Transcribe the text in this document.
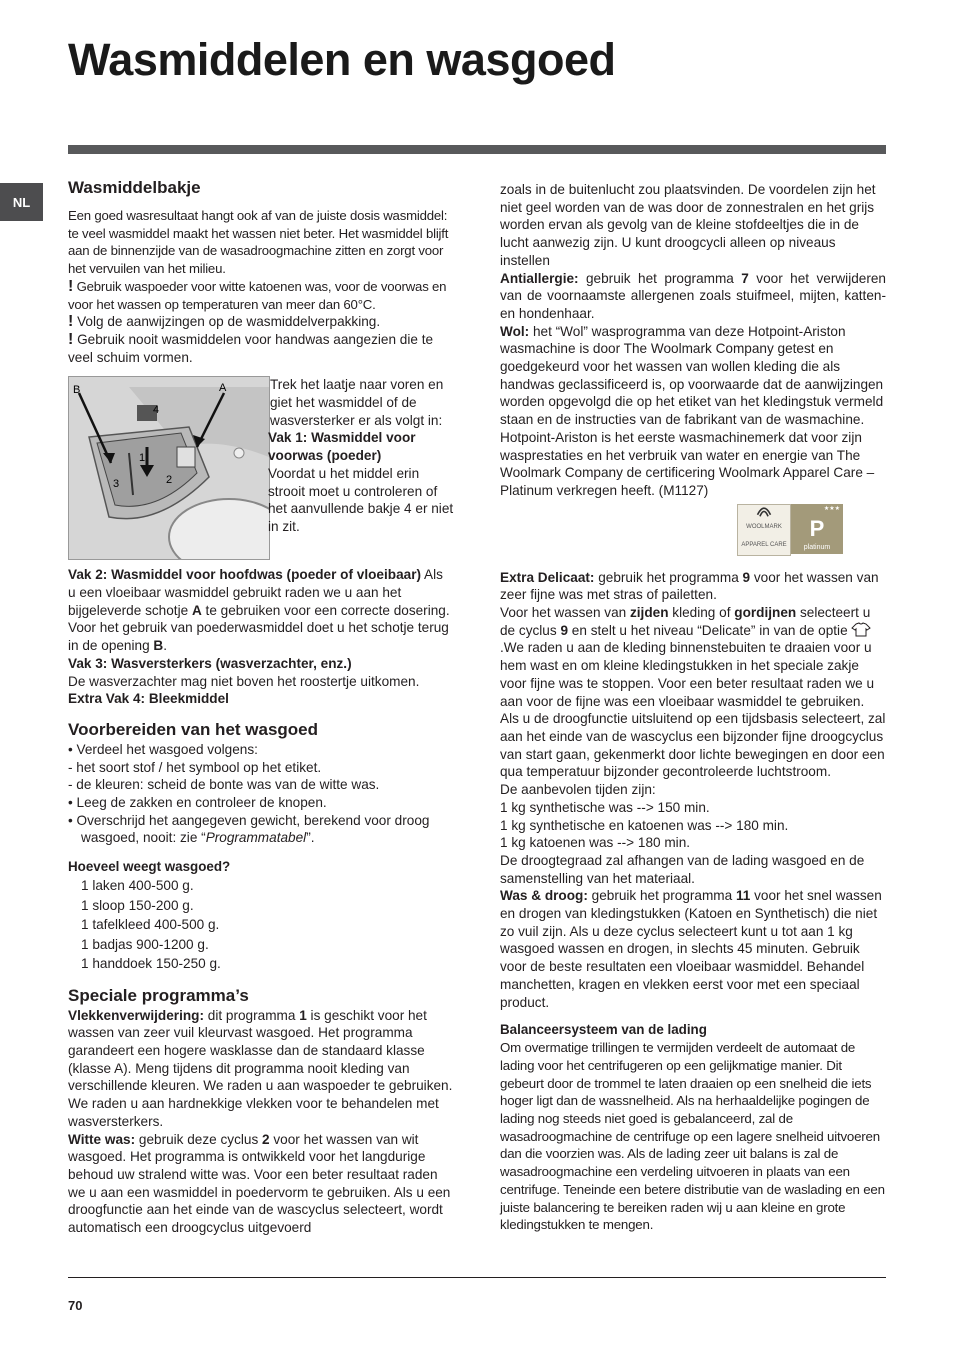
Wasmiddelen en wasgoed
NL
Wasmiddelbakje

Een goed wasresultaat hangt ook af van de juiste dosis wasmiddel: te veel wasmiddel maakt het wassen niet beter. Het wasmiddel blijft aan de binnenzijde van de wasadroogmachine zitten en zorgt voor het vervuilen van het milieu.

! Gebruik waspoeder voor witte katoenen was, voor de voorwas en voor het wassen op temperaturen van meer dan 60°C.

! Volg de aanwijzingen op de wasmiddelverpakking.

! Gebruik nooit wasmiddelen voor handwas aangezien die te veel schuim vormen.

B	A
4
1
2
3

Trek het laatje naar voren en giet het wasmiddel of de wasversterker er als volgt in:

Vak 1: Wasmiddel voor voorwas (poeder)

Voordat u het middel erin strooit moet u controleren of het aanvullende bakje 4 er niet in zit.

Vak 2: Wasmiddel voor hoofdwas (poeder of vloeibaar) Als u een vloeibaar wasmiddel gebruikt raden we u aan het bijgeleverde schotje A te gebruiken voor een correcte dosering. Voor het gebruik van poederwasmiddel doet u het schotje terug in de opening B.

Vak 3: Wasversterkers (wasverzachter, enz.)

De wasverzachter mag niet boven het roostertje uitkomen.

Extra Vak 4: Bleekmiddel

Voorbereiden van het wasgoed
• Verdeel het wasgoed volgens:
- het soort stof / het symbool op het etiket.
- de kleuren: scheid de bonte was van de witte was.
• Leeg de zakken en controleer de knopen.
• Overschrijd het aangegeven gewicht, berekend voor droog wasgoed, nooit: zie “Programmatabel”.
Hoeveel weegt wasgoed?
1 laken 400-500 g.
1 sloop 150-200 g.
1 tafelkleed 400-500 g.
1 badjas 900-1200 g.
1 handdoek 150-250 g.
Speciale programma’s

Vlekkenverwijdering: dit programma 1 is geschikt voor het wassen van zeer vuil kleurvast wasgoed. Het programma garandeert een hogere wasklasse dan de standaard klasse (klasse A). Meng tijdens dit programma nooit kleding van verschillende kleuren. We raden u aan waspoeder te gebruiken. We raden u aan hardnekkige vlekken voor te behandelen met wasversterkers.

Witte was: gebruik deze cyclus 2 voor het wassen van wit wasgoed. Het programma is ontwikkeld voor het langdurige behoud uw stralend witte was. Voor een beter resultaat raden we u aan een wasmiddel in poedervorm te gebruiken. Als u een droogfunctie aan het einde van de wascyclus selecteert, wordt automatisch een droogcyclus uitgevoerd

zoals in de buitenlucht zou plaatsvinden. De voordelen zijn het niet geel worden van de was door de zonnestralen en het grijs worden ervan als gevolg van de kleine stofdeeltjes die in de lucht aanwezig zijn. U kunt droogcycli alleen op niveaus instellen

Antiallergie: gebruik het programma 7 voor het verwijderen van de voornaamste allergenen zoals stuifmeel, mijten, katten- en hondenhaar.

Wol: het “Wol” wasprogramma van deze Hotpoint-Ariston wasmachine is door The Woolmark Company getest en goedgekeurd voor het wassen van wollen kleding die als handwas geclassificeerd is, op voorwaarde dat de aanwijzingen worden opgevolgd die op het etiket van het kledingstuk vermeld staan en de instructies van de fabrikant van de wasmachine. Hotpoint-Ariston is het eerste wasmachinemerk dat voor zijn wasprestaties en het verbruik van water en energie van The Woolmark Company de certificering Woolmark Apparel Care – Platinum verkregen heeft. (M1127)

WOOLMARK
APPAREL CARE
★★★
P
platinum

Extra Delicaat: gebruik het programma 9 voor het wassen van zeer fijne was met stras of pailetten.

Voor het wassen van zijden kleding of gordijnen selecteert u de cyclus 9 en stelt u het niveau “Delicate” in van de optie .We raden u aan de kleding binnenstebuiten te draaien voor u hem wast en om kleine kledingstukken in het speciale zakje voor fijne was te stoppen. Voor een beter resultaat raden we u aan voor de fijne was een vloeibaar wasmiddel te gebruiken.

Als u de droogfunctie uitsluitend op een tijdsbasis selecteert, zal aan het einde van de wascyclus een bijzonder fijne droogcyclus van start gaan, gekenmerkt door lichte bewegingen en door een qua temperatuur bijzonder gecontroleerde luchtstroom.

De aanbevolen tijden zijn:

1 kg synthetische was --> 150 min.

1 kg synthetische en katoenen was --> 180 min.

1 kg katoenen was --> 180 min.

De droogtegraad zal afhangen van de lading wasgoed en de samenstelling van het materiaal.

Was & droog: gebruik het programma 11 voor het snel wassen en drogen van kledingstukken (Katoen en Synthetisch) die niet zo vuil zijn. Als u deze cyclus selecteert kunt u tot aan 1 kg wasgoed wassen en drogen, in slechts 45 minuten. Gebruik voor de beste resultaten een vloeibaar wasmiddel. Behandel manchetten, kragen en vlekken eerst voor met een speciaal product.

Balanceersysteem van de lading

Om overmatige trillingen te vermijden verdeelt de automaat de lading voor het centrifugeren op een gelijkmatige manier. Dit gebeurt door de trommel te laten draaien op een snelheid die iets hoger ligt dan de wassnelheid. Als na herhaaldelijke pogingen de lading nog steeds niet goed is gebalanceerd, zal de wasadroogmachine de centrifuge op een lagere snelheid uitvoeren dan die voorzien was. Als de lading zeer uit balans is zal de wasadroogmachine een verdeling uitvoeren in plaats van een centrifuge. Teneinde een betere distributie van de waslading en een juiste balancering te bereiken raden wij u aan kleine en grote kledingstukken te mengen.

70
